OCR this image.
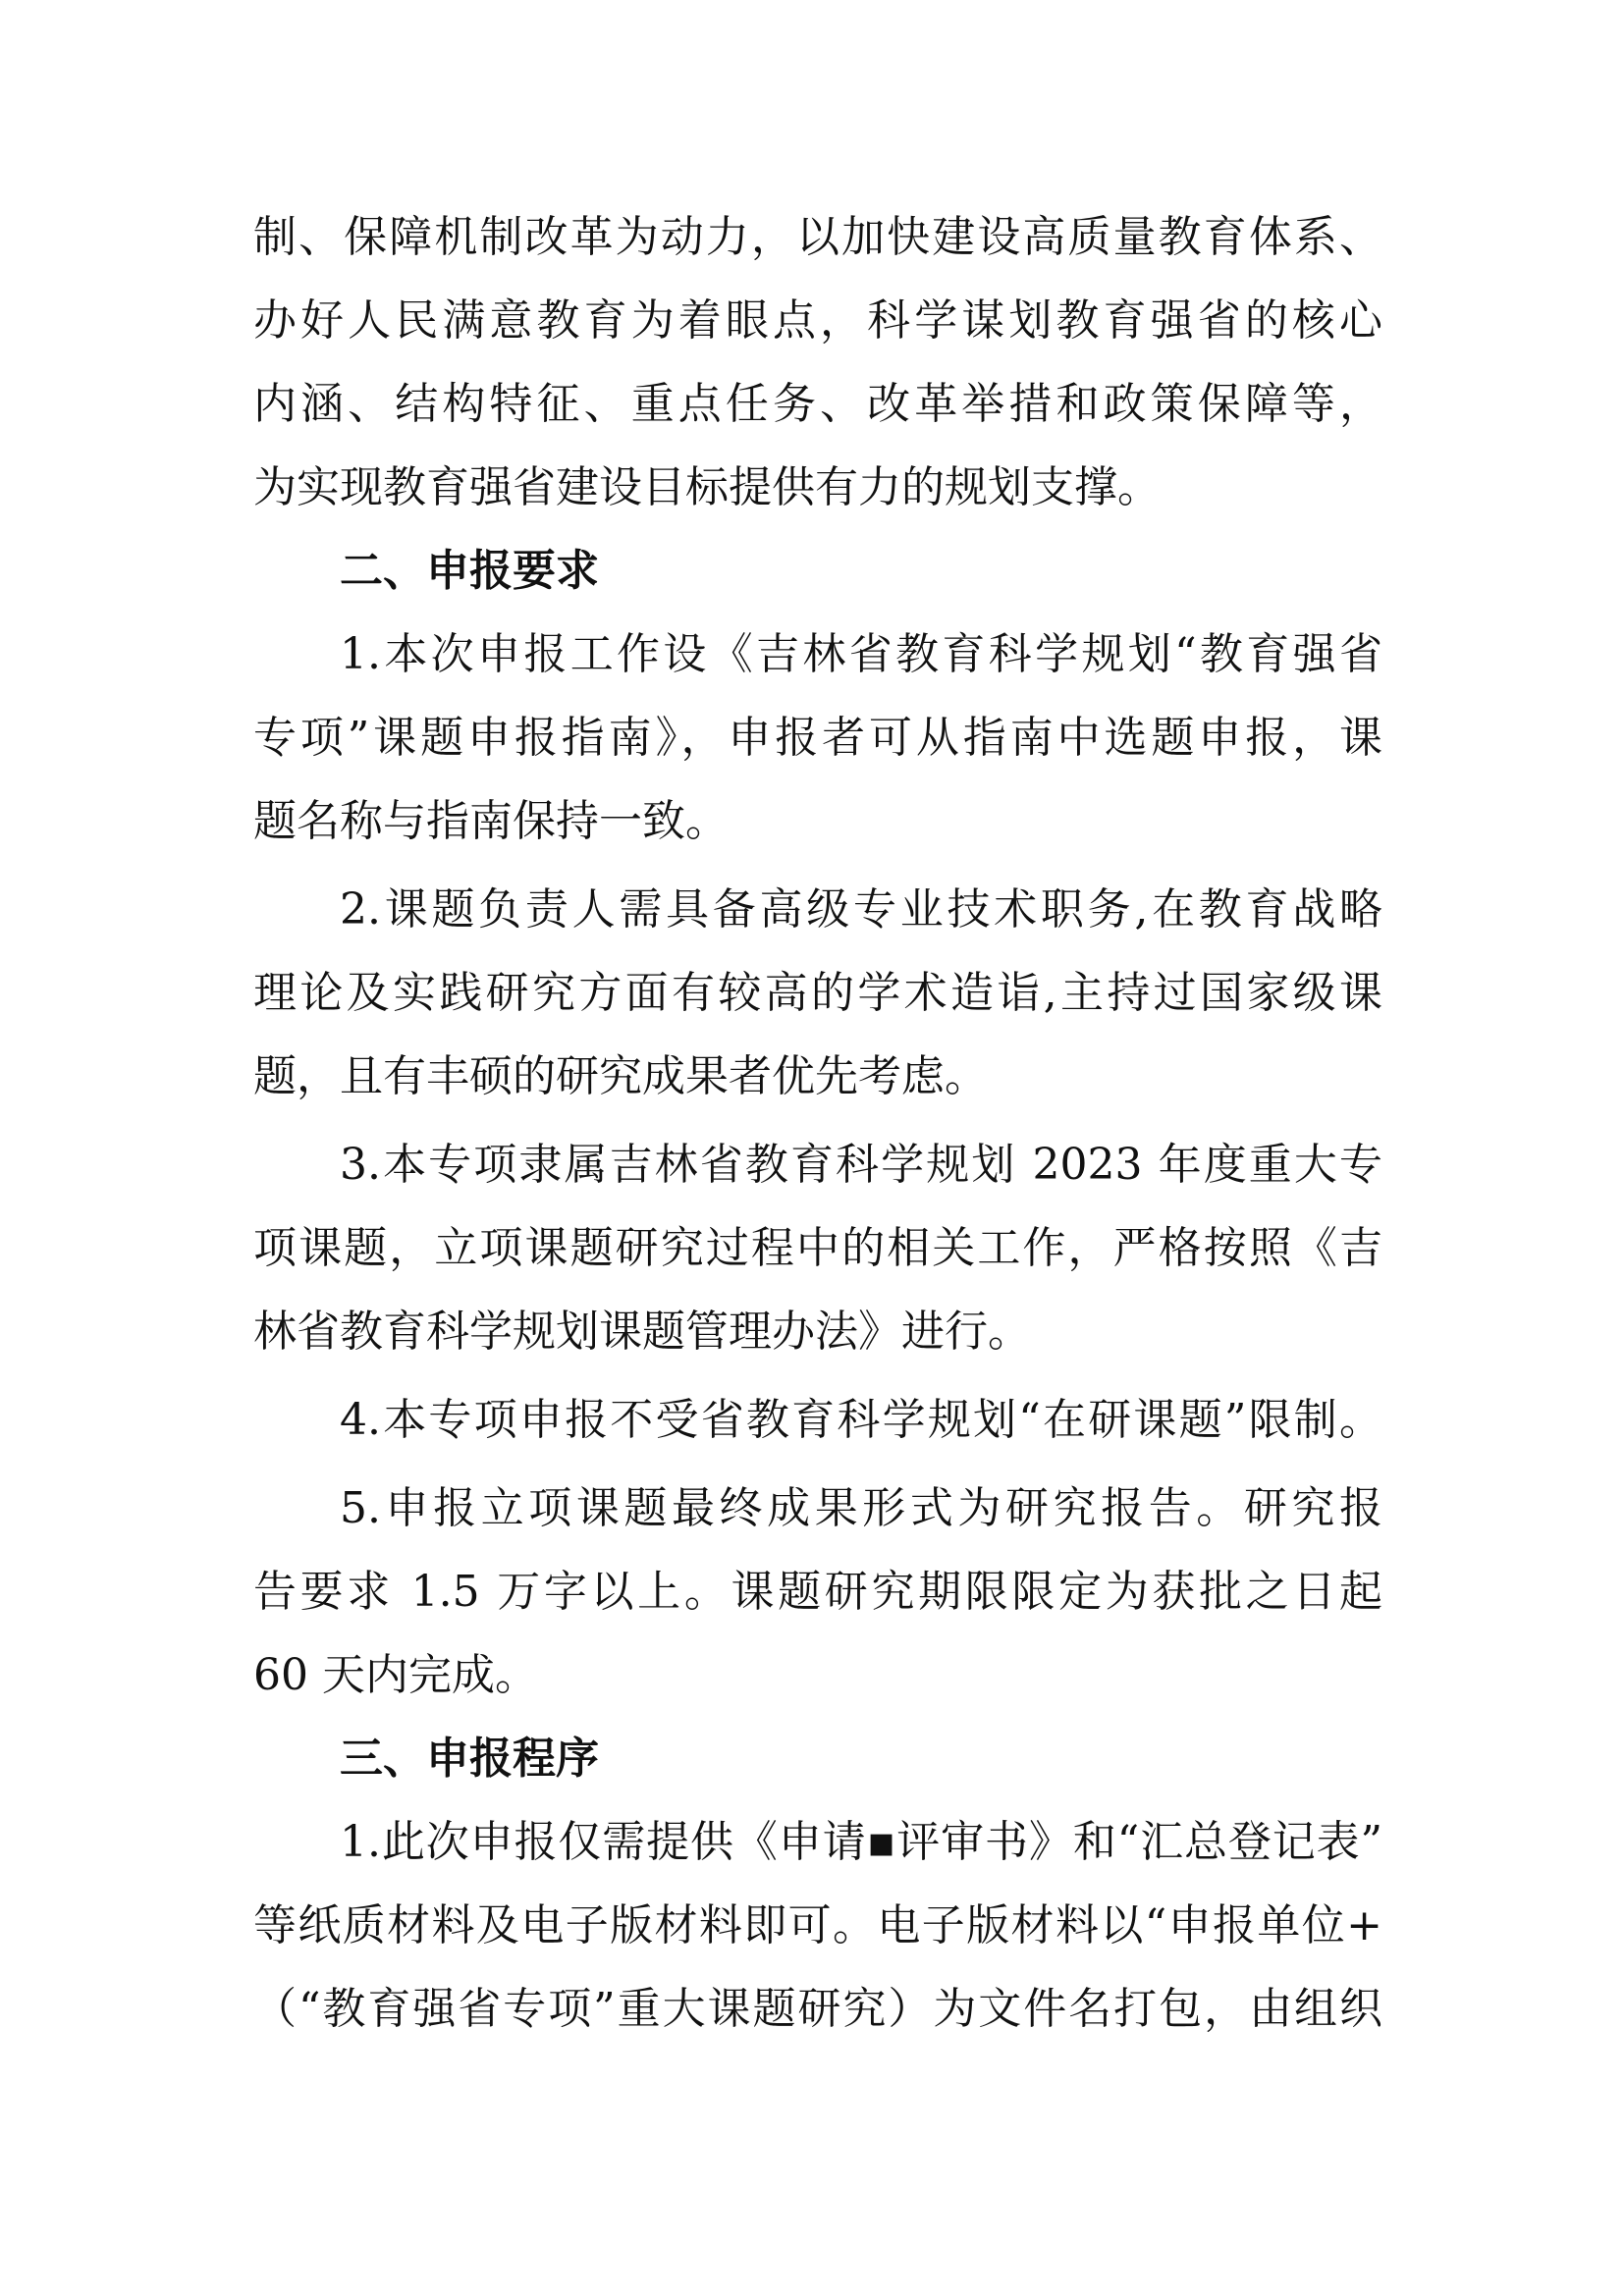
制、保障机制改革为动力，以加快建设高质量教育体系、
办好人民满意教育为着眼点，科学谋划教育强省的核心
内涵、结构特征、重点任务、改革举措和政策保障等，
为实现教育强省建设目标提供有力的规划支撑。
二、申报要求
1.本次申报工作设《吉林省教育科学规划“教育强省
专项”课题申报指南》，申报者可从指南中选题申报，课
题名称与指南保持一致。
2.课题负责人需具备高级专业技术职务,在教育战略
理论及实践研究方面有较高的学术造诣,主持过国家级课
题，且有丰硕的研究成果者优先考虑。
3.本专项隶属吉林省教育科学规划 2023 年度重大专
项课题，立项课题研究过程中的相关工作，严格按照《吉
林省教育科学规划课题管理办法》进行。
4.本专项申报不受省教育科学规划“在研课题”限制。
5.申报立项课题最终成果形式为研究报告。研究报
告要求 1.5 万字以上。课题研究期限限定为获批之日起
60 天内完成。
三、申报程序
1.此次申报仅需提供《申请▪评审书》和“汇总登记表”
等纸质材料及电子版材料即可。电子版材料以“申报单位+
（“教育强省专项”重大课题研究）为文件名打包，由组织
